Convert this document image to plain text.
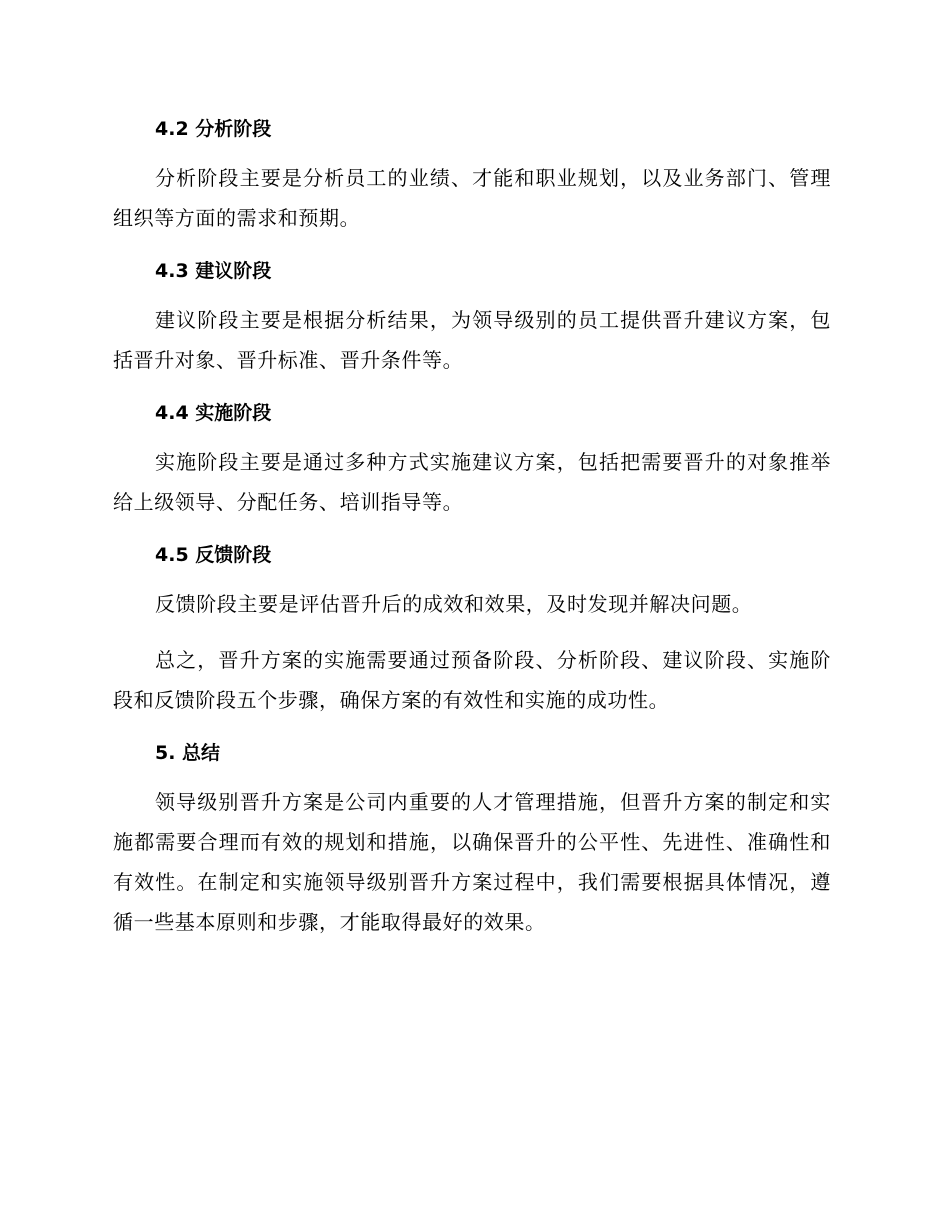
4.2 分析阶段

分析阶段主要是分析员工的业绩、才能和职业规划，以及业务部门、管理组织等方面的需求和预期。

4.3 建议阶段

建议阶段主要是根据分析结果，为领导级别的员工提供晋升建议方案，包括晋升对象、晋升标准、晋升条件等。

4.4 实施阶段

实施阶段主要是通过多种方式实施建议方案，包括把需要晋升的对象推举给上级领导、分配任务、培训指导等。

4.5 反馈阶段

反馈阶段主要是评估晋升后的成效和效果，及时发现并解决问题。

总之，晋升方案的实施需要通过预备阶段、分析阶段、建议阶段、实施阶段和反馈阶段五个步骤，确保方案的有效性和实施的成功性。

5. 总结

领导级别晋升方案是公司内重要的人才管理措施，但晋升方案的制定和实施都需要合理而有效的规划和措施，以确保晋升的公平性、先进性、准确性和有效性。在制定和实施领导级别晋升方案过程中，我们需要根据具体情况，遵循一些基本原则和步骤，才能取得最好的效果。
